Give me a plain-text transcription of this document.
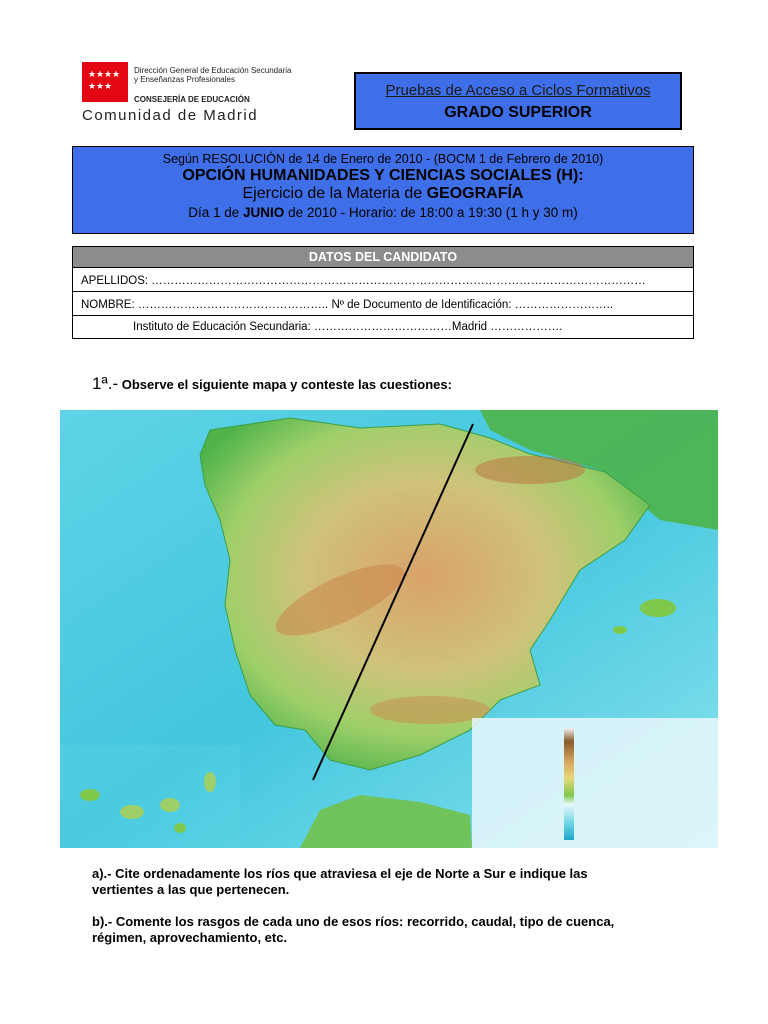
★ ★ ★ ★
★ ★ ★
Dirección General de Educación Secundaria
y Enseñanzas Profesionales
CONSEJERÍA DE EDUCACIÓN
Comunidad de Madrid
Pruebas de Acceso a Ciclos Formativos
GRADO SUPERIOR
Según RESOLUCIÓN de 14 de Enero de 2010 - (BOCM 1 de Febrero de 2010)
OPCIÓN HUMANIDADES Y CIENCIAS SOCIALES (H):
Ejercicio de la Materia de GEOGRAFÍA
Día 1 de JUNIO de 2010 - Horario: de 18:00 a 19:30 (1 h y 30 m)
DATOS DEL CANDIDATO
APELLIDOS: …………………………………………………………………………………………………………………
NOMBRE: ………………………………………….. Nº de Documento de Identificación: ……………………..
Instituto de Educación Secundaria: ………………………………Madrid ……………….
1ª.- Observe el siguiente mapa y conteste las cuestiones:
a).- Cite ordenadamente los ríos que atraviesa el eje de Norte a Sur e indique las vertientes a las que pertenecen.
b).- Comente los rasgos de cada uno de esos ríos: recorrido, caudal, tipo de cuenca, régimen, aprovechamiento, etc.
